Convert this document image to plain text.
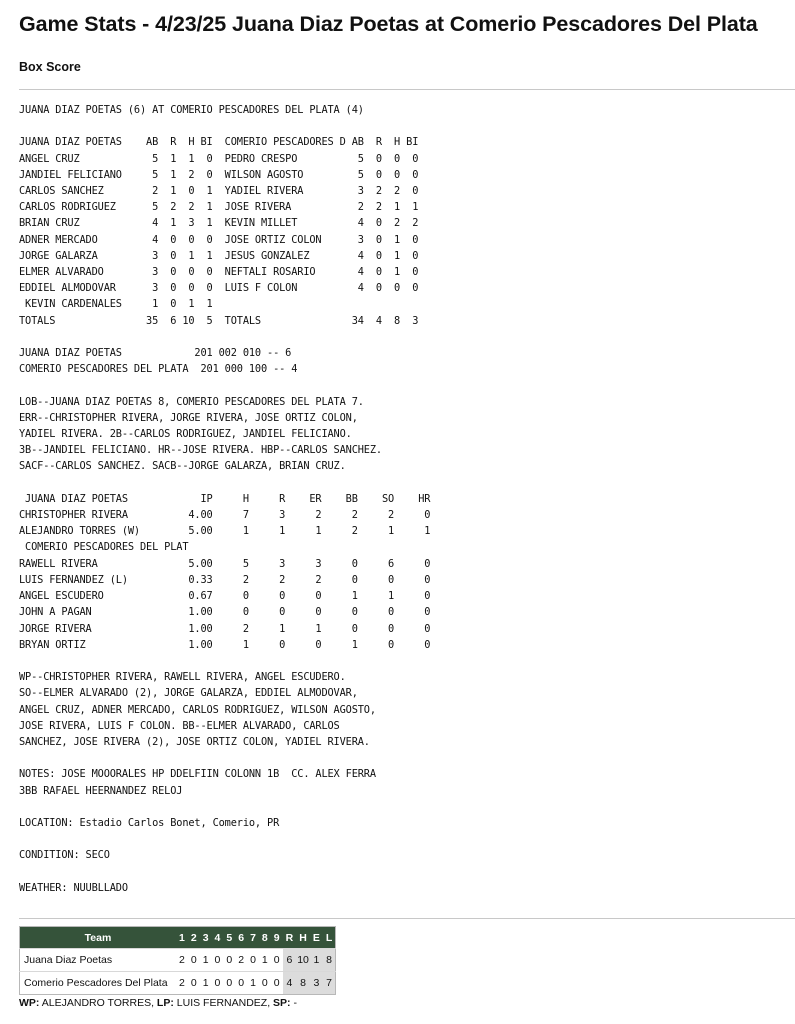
Game Stats - 4/23/25 Juana Diaz Poetas at Comerio Pescadores Del Plata
Box Score
JUANA DIAZ POETAS (6) AT COMERIO PESCADORES DEL PLATA (4)

JUANA DIAZ POETAS    AB  R  H BI  COMERIO PESCADORES D AB  R  H BI
ANGEL CRUZ            5  1  1  0  PEDRO CRESPO          5  0  0  0
JANDIEL FELICIANO     5  1  2  0  WILSON AGOSTO         5  0  0  0
CARLOS SANCHEZ        2  1  0  1  YADIEL RIVERA         3  2  2  0
CARLOS RODRIGUEZ      5  2  2  1  JOSE RIVERA           2  2  1  1
BRIAN CRUZ            4  1  3  1  KEVIN MILLET          4  0  2  2
ADNER MERCADO         4  0  0  0  JOSE ORTIZ COLON      3  0  1  0
JORGE GALARZA         3  0  1  1  JESUS GONZALEZ        4  0  1  0
ELMER ALVARADO        3  0  0  0  NEFTALI ROSARIO       4  0  1  0
EDDIEL ALMODOVAR      3  0  0  0  LUIS F COLON          4  0  0  0
KEVIN CARDENALES     1  0  1  1
TOTALS               35  6 10  5  TOTALS               34  4  8  3

JUANA DIAZ POETAS            201 002 010 -- 6
COMERIO PESCADORES DEL PLATA  201 000 100 -- 4

LOB--JUANA DIAZ POETAS 8, COMERIO PESCADORES DEL PLATA 7.
ERR--CHRISTOPHER RIVERA, JORGE RIVERA, JOSE ORTIZ COLON,
YADIEL RIVERA. 2B--CARLOS RODRIGUEZ, JANDIEL FELICIANO.
3B--JANDIEL FELICIANO. HR--JOSE RIVERA. HBP--CARLOS SANCHEZ.
SACF--CARLOS SANCHEZ. SACB--JORGE GALARZA, BRIAN CRUZ.

JUANA DIAZ POETAS            IP     H     R    ER    BB    SO    HR
CHRISTOPHER RIVERA          4.00     7     3     2     2     2     0
ALEJANDRO TORRES (W)        5.00     1     1     1     2     1     1
COMERIO PESCADORES DEL PLAT
RAWELL RIVERA               5.00     5     3     3     0     6     0
LUIS FERNANDEZ (L)          0.33     2     2     2     0     0     0
ANGEL ESCUDERO              0.67     0     0     0     1     1     0
JOHN A PAGAN                1.00     0     0     0     0     0     0
JORGE RIVERA                1.00     2     1     1     0     0     0
BRYAN ORTIZ                 1.00     1     0     0     1     0     0

WP--CHRISTOPHER RIVERA, RAWELL RIVERA, ANGEL ESCUDERO.
SO--ELMER ALVARADO (2), JORGE GALARZA, EDDIEL ALMODOVAR,
ANGEL CRUZ, ADNER MERCADO, CARLOS RODRIGUEZ, WILSON AGOSTO,
JOSE RIVERA, LUIS F COLON. BB--ELMER ALVARADO, CARLOS
SANCHEZ, JOSE RIVERA (2), JOSE ORTIZ COLON, YADIEL RIVERA.

NOTES: JOSE MOOORALES HP DDELFIIN COLONN 1B  CC. ALEX FERRA
3BB RAFAEL HEERNANDEZ RELOJ

LOCATION: Estadio Carlos Bonet, Comerio, PR

CONDITION: SECO

WEATHER: NUUBLLADO
Team	1	2	3	4	5	6	7	8	9	R	H	E	L
Juana Diaz Poetas	2	0	1	0	0	2	0	1	0	6	10	1	8
Comerio Pescadores Del Plata	2	0	1	0	0	0	1	0	0	4	8	3	7
WP: ALEJANDRO TORRES, LP: LUIS FERNANDEZ, SP: -
